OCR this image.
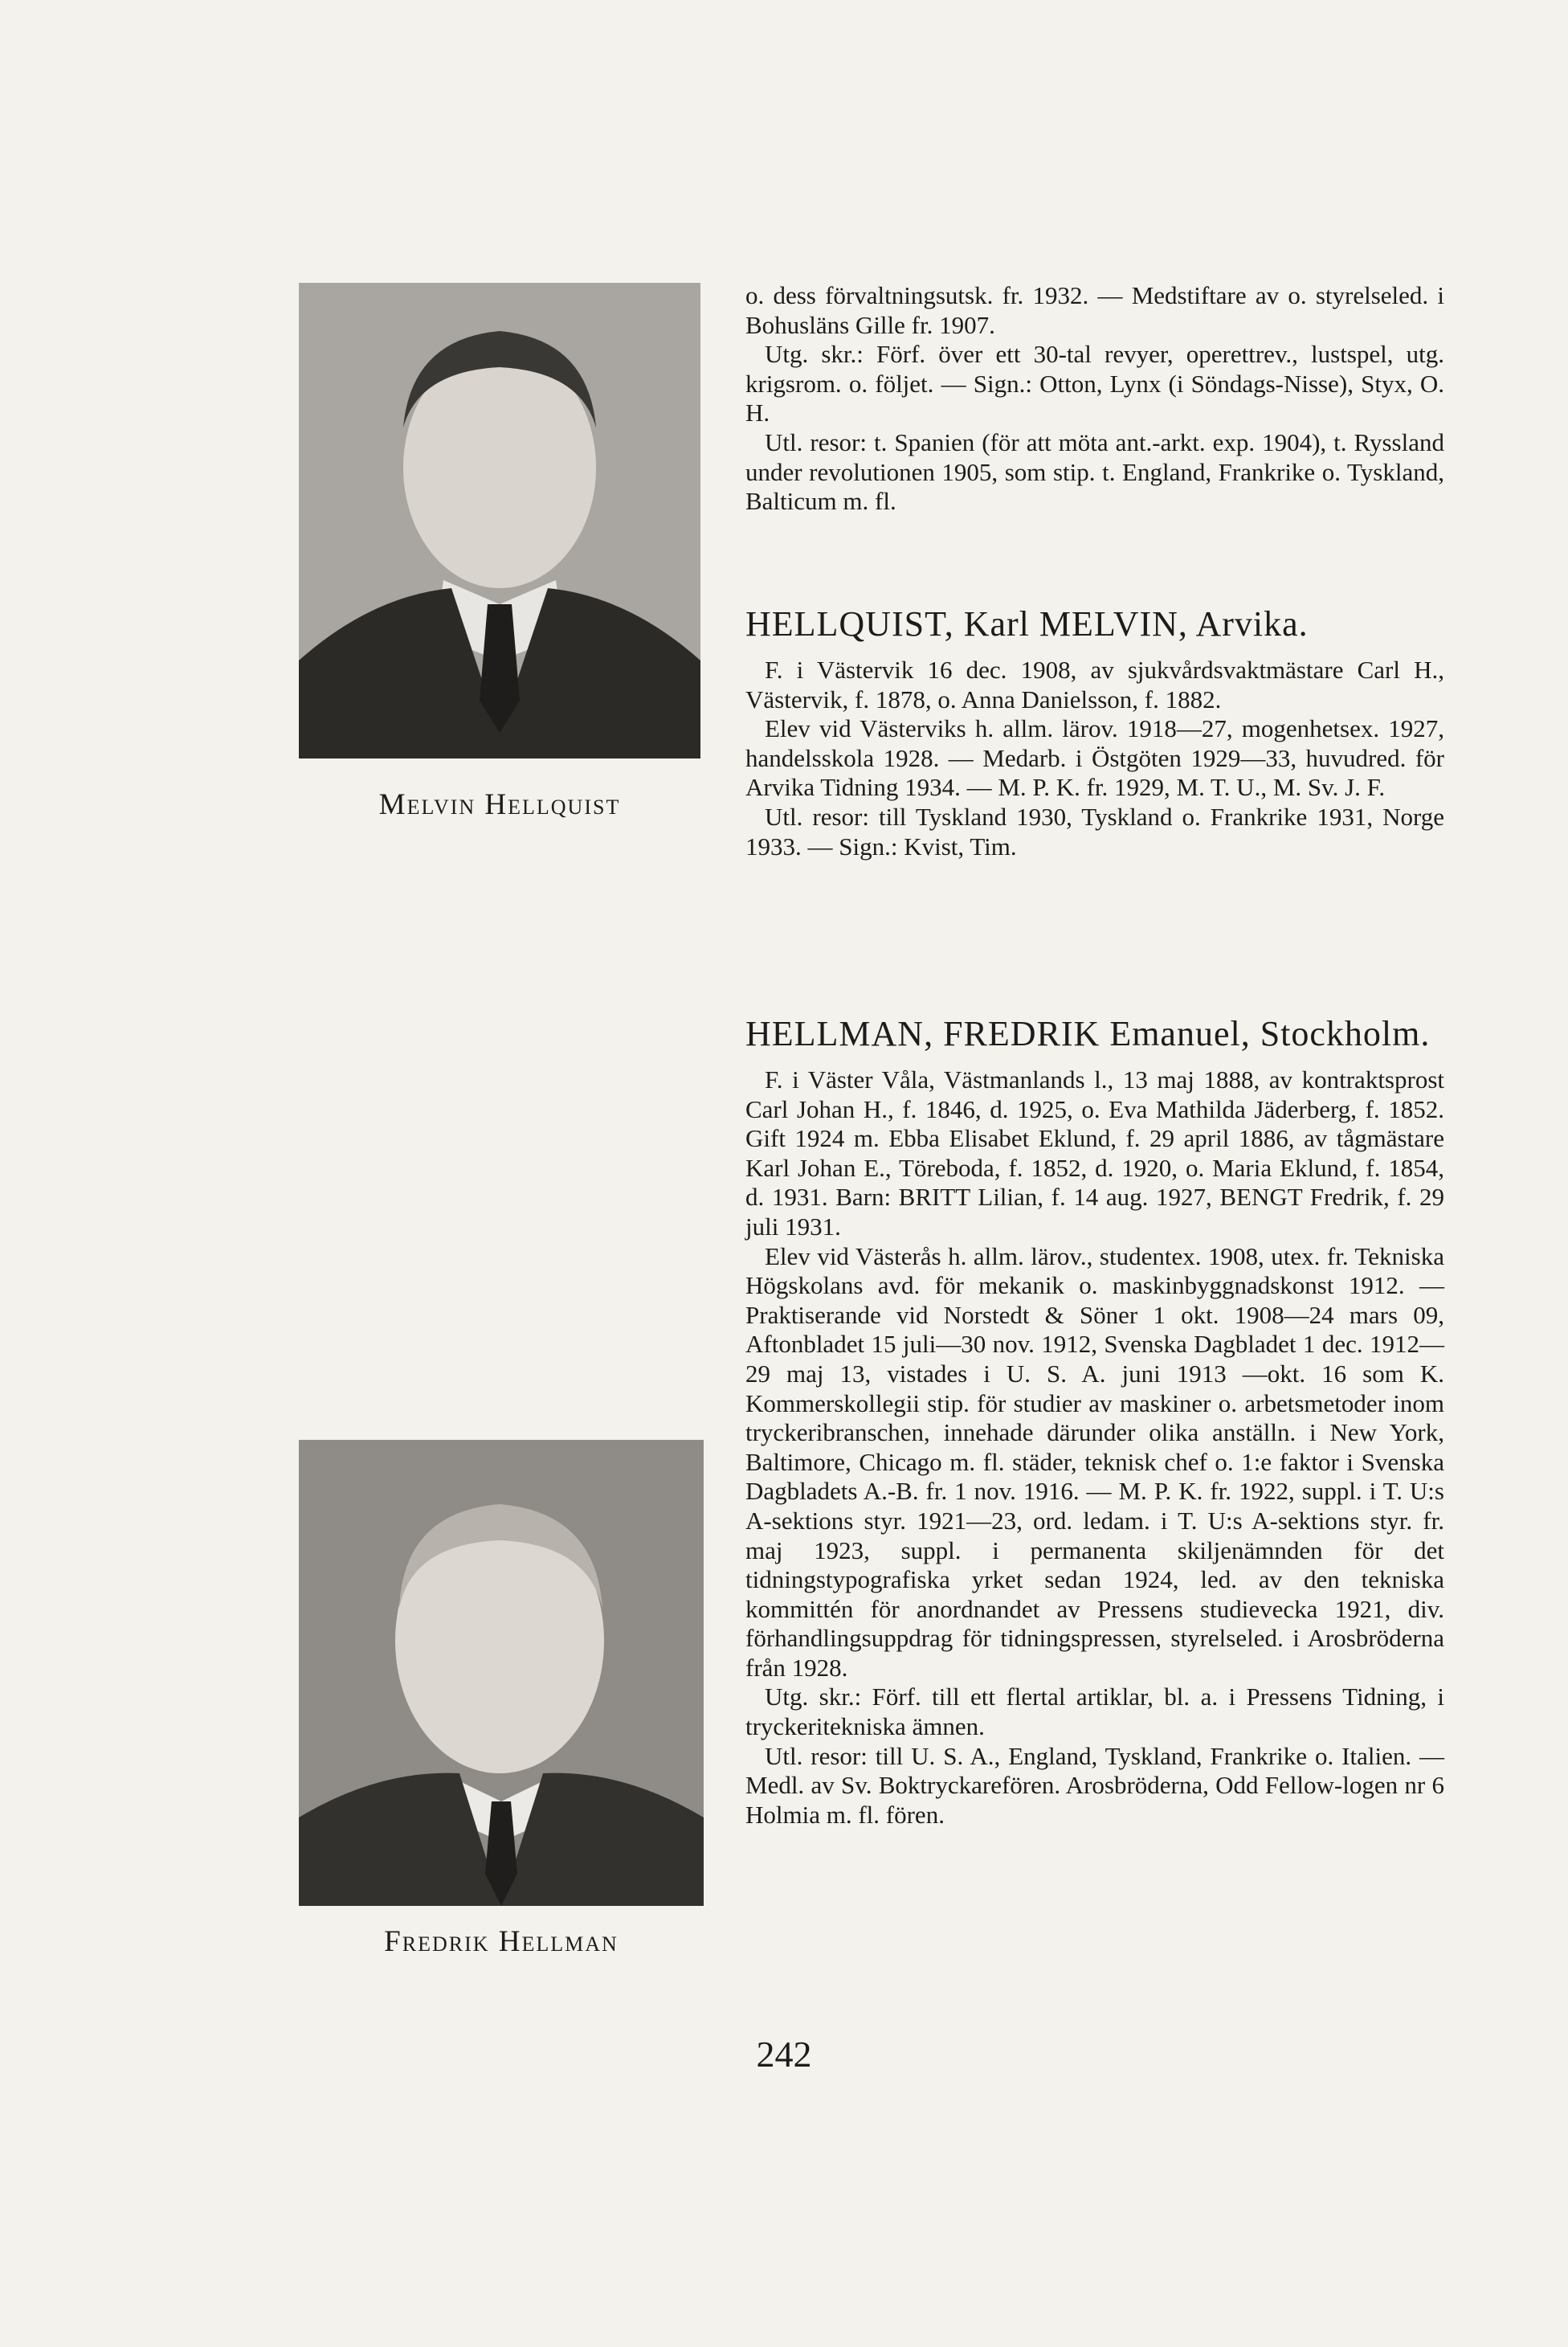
Melvin Hellquist
Fredrik Hellman

o. dess förvaltningsutsk. fr. 1932. — Medstiftare av o. styrelseled. i Bohusläns Gille fr. 1907.

Utg. skr.: Förf. över ett 30-tal revyer, operettrev., lustspel, utg. krigsrom. o. följet. — Sign.: Otton, Lynx (i Söndags-Nisse), Styx, O. H.

Utl. resor: t. Spanien (för att möta ant.-arkt. exp. 1904), t. Ryssland under revolutionen 1905, som stip. t. England, Frankrike o. Tyskland, Balticum m. fl.

HELLQUIST, Karl MELVIN, Arvika.

F. i Västervik 16 dec. 1908, av sjukvårdsvaktmästare Carl H., Västervik, f. 1878, o. Anna Danielsson, f. 1882.

Elev vid Västerviks h. allm. lärov. 1918—27, mogenhetsex. 1927, handelsskola 1928. — Medarb. i Östgöten 1929—33, huvudred. för Arvika Tidning 1934. — M. P. K. fr. 1929, M. T. U., M. Sv. J. F.

Utl. resor: till Tyskland 1930, Tyskland o. Frankrike 1931, Norge 1933. — Sign.: Kvist, Tim.

HELLMAN, FREDRIK Emanuel, Stockholm.

F. i Väster Våla, Västmanlands l., 13 maj 1888, av kontraktsprost Carl Johan H., f. 1846, d. 1925, o. Eva Mathilda Jäderberg, f. 1852. Gift 1924 m. Ebba Elisabet Eklund, f. 29 april 1886, av tågmästare Karl Johan E., Töreboda, f. 1852, d. 1920, o. Maria Eklund, f. 1854, d. 1931. Barn: BRITT Lilian, f. 14 aug. 1927, BENGT Fredrik, f. 29 juli 1931.

Elev vid Västerås h. allm. lärov., studentex. 1908, utex. fr. Tekniska Högskolans avd. för mekanik o. maskinbyggnadskonst 1912. — Praktiserande vid Norstedt & Söner 1 okt. 1908—24 mars 09, Aftonbladet 15 juli—30 nov. 1912, Svenska Dagbladet 1 dec. 1912—29 maj 13, vistades i U. S. A. juni 1913 —okt. 16 som K. Kommerskollegii stip. för studier av maskiner o. arbetsmetoder inom tryckeribranschen, innehade därunder olika anställn. i New York, Baltimore, Chicago m. fl. städer, teknisk chef o. 1:e faktor i Svenska Dagbladets A.-B. fr. 1 nov. 1916. — M. P. K. fr. 1922, suppl. i T. U:s A-sektions styr. 1921—23, ord. ledam. i T. U:s A-sektions styr. fr. maj 1923, suppl. i permanenta skiljenämnden för det tidningstypografiska yrket sedan 1924, led. av den tekniska kommittén för anordnandet av Pressens studievecka 1921, div. förhandlingsuppdrag för tidningspressen, styrelseled. i Arosbröderna från 1928.

Utg. skr.: Förf. till ett flertal artiklar, bl. a. i Pressens Tidning, i tryckeritekniska ämnen.

Utl. resor: till U. S. A., England, Tyskland, Frankrike o. Italien. — Medl. av Sv. Boktryckarefören. Arosbröderna, Odd Fellow-logen nr 6 Holmia m. fl. fören.

242
